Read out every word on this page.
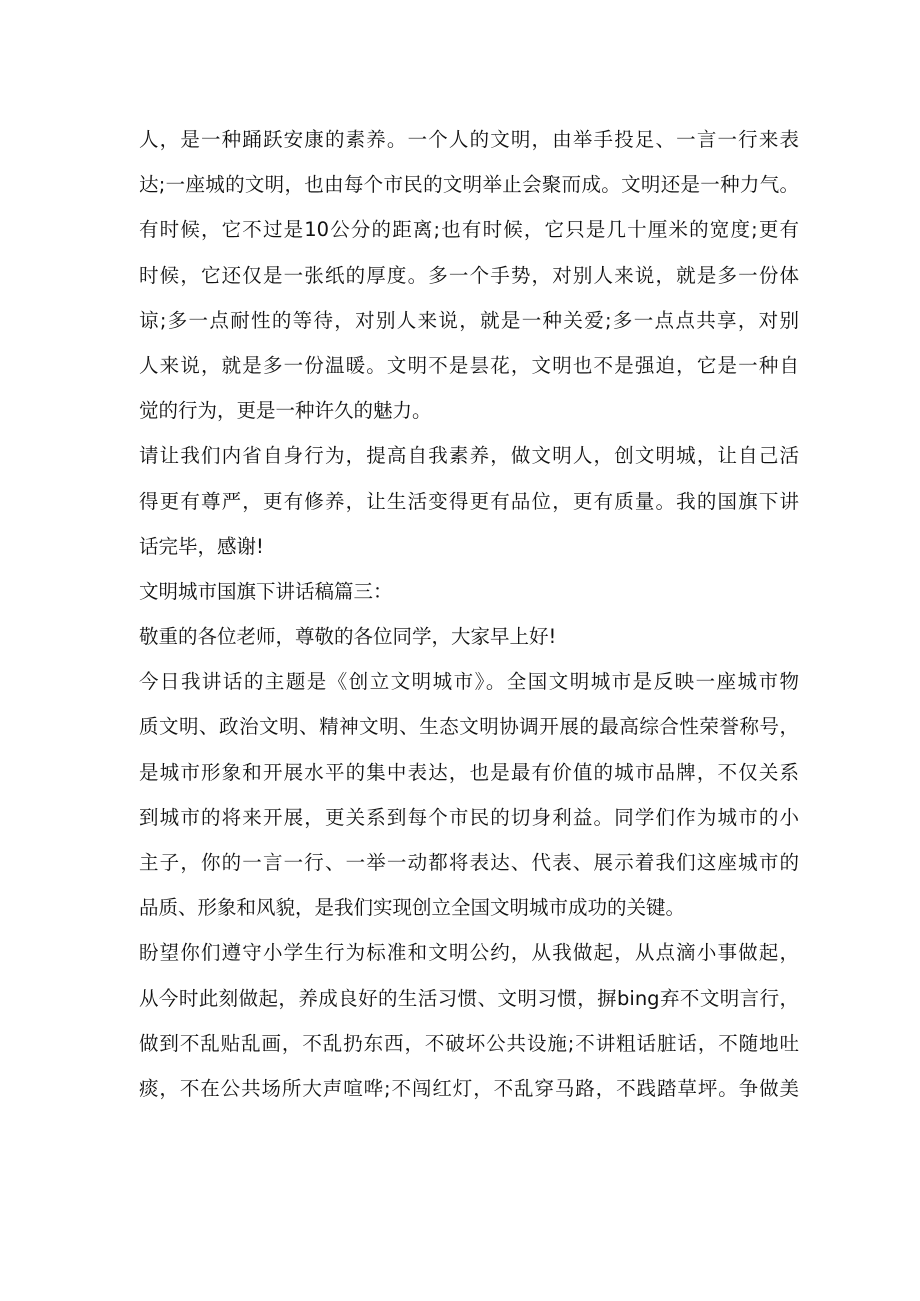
人，是一种踊跃安康的素养。一个人的文明，由举手投足、一言一行来表
达;一座城的文明，也由每个市民的文明举止会聚而成。文明还是一种力气。
有时候，它不过是10公分的距离;也有时候，它只是几十厘米的宽度;更有
时候，它还仅是一张纸的厚度。多一个手势，对别人来说，就是多一份体
谅;多一点耐性的等待，对别人来说，就是一种关爱;多一点点共享，对别
人来说，就是多一份温暖。文明不是昙花，文明也不是强迫，它是一种自
觉的行为，更是一种许久的魅力。
请让我们内省自身行为，提高自我素养，做文明人，创文明城，让自己活
得更有尊严，更有修养，让生活变得更有品位，更有质量。我的国旗下讲
话完毕，感谢!
文明城市国旗下讲话稿篇三：
敬重的各位老师，尊敬的各位同学，大家早上好!
今日我讲话的主题是《创立文明城市》。全国文明城市是反映一座城市物
质文明、政治文明、精神文明、生态文明协调开展的最高综合性荣誉称号，
是城市形象和开展水平的集中表达，也是最有价值的城市品牌，不仅关系
到城市的将来开展，更关系到每个市民的切身利益。同学们作为城市的小
主子，你的一言一行、一举一动都将表达、代表、展示着我们这座城市的
品质、形象和风貌，是我们实现创立全国文明城市成功的关键。
盼望你们遵守小学生行为标准和文明公约，从我做起，从点滴小事做起，
从今时此刻做起，养成良好的生活习惯、文明习惯，摒bing弃不文明言行，
做到不乱贴乱画，不乱扔东西，不破坏公共设施;不讲粗话脏话，不随地吐
痰，不在公共场所大声喧哗;不闯红灯，不乱穿马路，不践踏草坪。争做美
